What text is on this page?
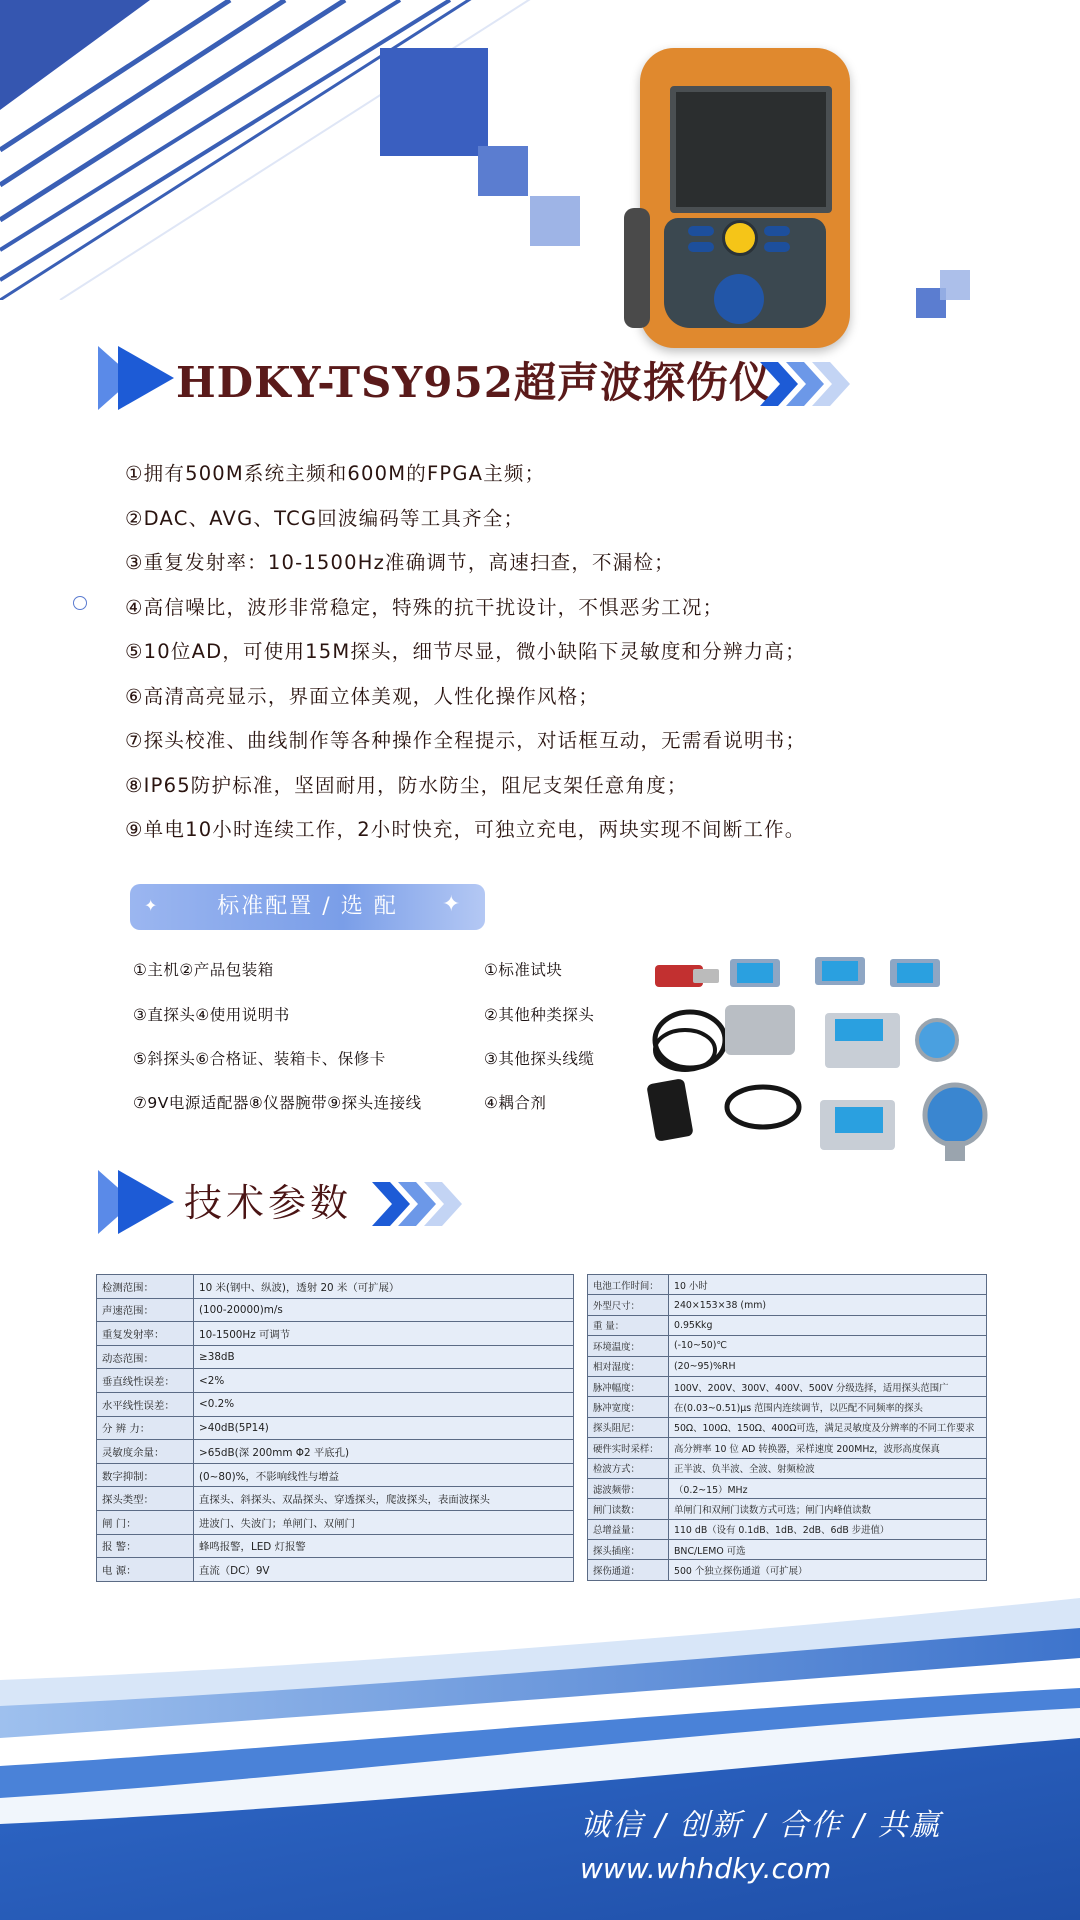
HDKY-TSY952超声波探伤仪
①拥有500M系统主频和600M的FPGA主频；
②DAC、AVG、TCG回波编码等工具齐全；
③重复发射率：10-1500Hz准确调节，高速扫查，不漏检；
④高信噪比，波形非常稳定，特殊的抗干扰设计，不惧恶劣工况；
⑤10位AD，可使用15M探头，细节尽显，微小缺陷下灵敏度和分辨力高；
⑥高清高亮显示，界面立体美观，人性化操作风格；
⑦探头校准、曲线制作等各种操作全程提示，对话框互动，无需看说明书；
⑧IP65防护标准，坚固耐用，防水防尘，阻尼支架任意角度；
⑨单电10小时连续工作，2小时快充，可独立充电，两块实现不间断工作。
✦	标准配置 / 选 配	✦
①主机②产品包装箱
③直探头④使用说明书
⑤斜探头⑥合格证、装箱卡、保修卡
⑦9V电源适配器⑧仪器腕带⑨探头连接线
①标准试块
②其他种类探头
③其他探头线缆
④耦合剂
技术参数
检测范围：	10 米(钢中、纵波)，透射 20 米（可扩展）
声速范围：	(100-20000)m/s
重复发射率：	10-1500Hz 可调节
动态范围：	≥38dB
垂直线性误差：	<2%
水平线性误差：	<0.2%
分 辨 力：	>40dB(5P14)
灵敏度余量：	>65dB(深 200mm Φ2 平底孔)
数字抑制：	(0~80)%，不影响线性与增益
探头类型：	直探头、斜探头、双晶探头、穿透探头，爬波探头，表面波探头
闸 门：	进波门、失波门；单闸门、双闸门
报 警：	蜂鸣报警，LED 灯报警
电 源：	直流（DC）9V
电池工作时间：	10 小时
外型尺寸：	240×153×38 (mm)
重 量：	0.95Kkg
环境温度：	(-10~50)℃
相对湿度：	(20~95)%RH
脉冲幅度：	100V、200V、300V、400V、500V 分级选择，适用探头范围广
脉冲宽度：	在(0.03~0.51)μs 范围内连续调节，以匹配不同频率的探头
探头阻尼：	50Ω、100Ω、150Ω、400Ω可选，满足灵敏度及分辨率的不同工作要求
硬件实时采样：	高分辨率 10 位 AD 转换器，采样速度 200MHz，波形高度保真
检波方式：	正半波、负半波、全波、射频检波
滤波频带：	（0.2~15）MHz
闸门读数：	单闸门和双闸门读数方式可选；闸门内峰值读数
总增益量：	110 dB（设有 0.1dB、1dB、2dB、6dB 步进值）
探头插座：	BNC/LEMO 可选
探伤通道：	500 个独立探伤通道（可扩展）
诚信 / 创新 / 合作 / 共赢
www.whhdky.com
